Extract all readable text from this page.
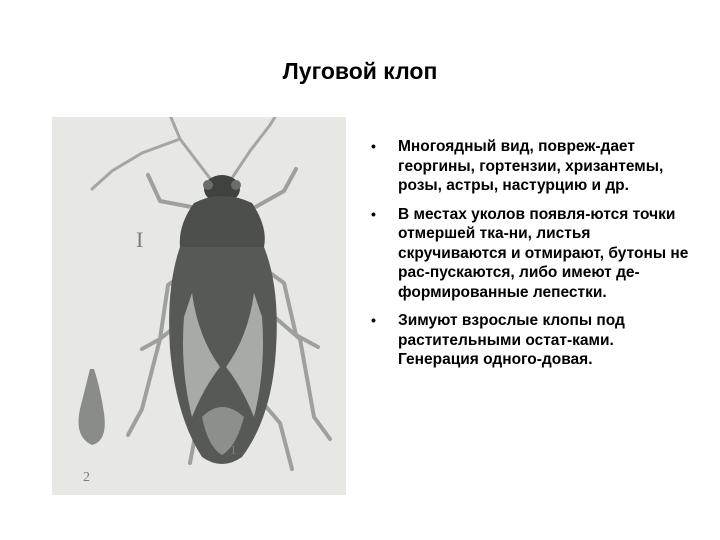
Луговой клоп
I
1
2
• Многоядный вид, повреж-дает георгины, гортензии, хризантемы, розы, астры, настурцию и др.
• В местах уколов появля-ются точки отмершей тка-ни, листья скручиваются и отмирают, бутоны не рас-пускаются, либо имеют де-формированные лепестки.
• Зимуют взрослые клопы под растительными остат-ками. Генерация одного-довая.
